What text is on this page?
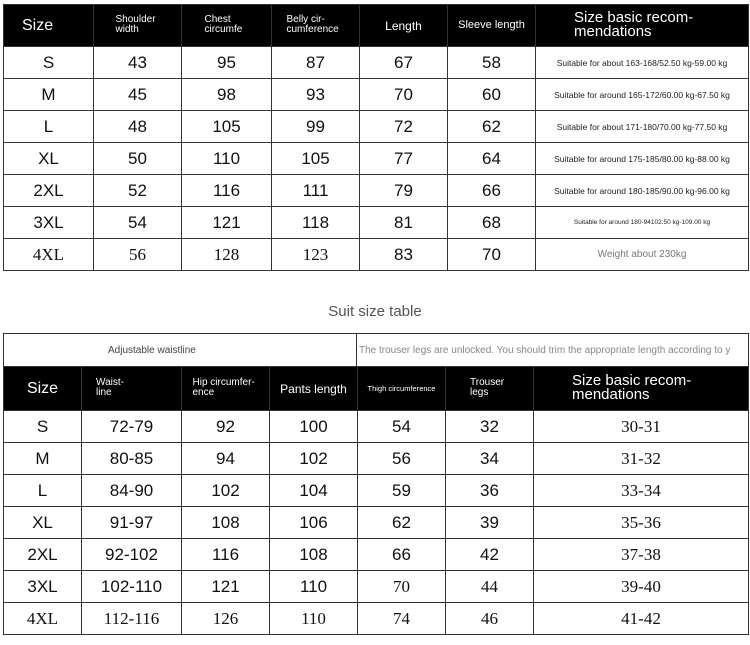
Size	Shoulder width	Chest circumfe	Belly cir-cumference	Length	Sleeve length	Size basic recom-mendations
S	43	95	87	67	58	Suitable for about 163-168/52.50 kg-59.00 kg
M	45	98	93	70	60	Suitable for around 165-172/60.00 kg-67.50 kg
L	48	105	99	72	62	Suitable for about 171-180/70.00 kg-77.50 kg
XL	50	110	105	77	64	Suitable for around 175-185/80.00 kg-88.00 kg
2XL	52	116	111	79	66	Suitable for around 180-185/90.00 kg-96.00 kg
3XL	54	121	118	81	68	Suitable for around 180-94102.50 kg-109.00 kg
4XL	56	128	123	83	70	Weight about 230kg
Suit size table
Adjustable waistline	The trouser legs are unlocked. You should trim the appropriate length according to y
Size	Waist-line	Hip circumfer-ence	Pants length	Thigh circumference	Trouser legs	Size basic recom-mendations
S	72-79	92	100	54	32	30-31
M	80-85	94	102	56	34	31-32
L	84-90	102	104	59	36	33-34
XL	91-97	108	106	62	39	35-36
2XL	92-102	116	108	66	42	37-38
3XL	102-110	121	110	70	44	39-40
4XL	112-116	126	110	74	46	41-42
